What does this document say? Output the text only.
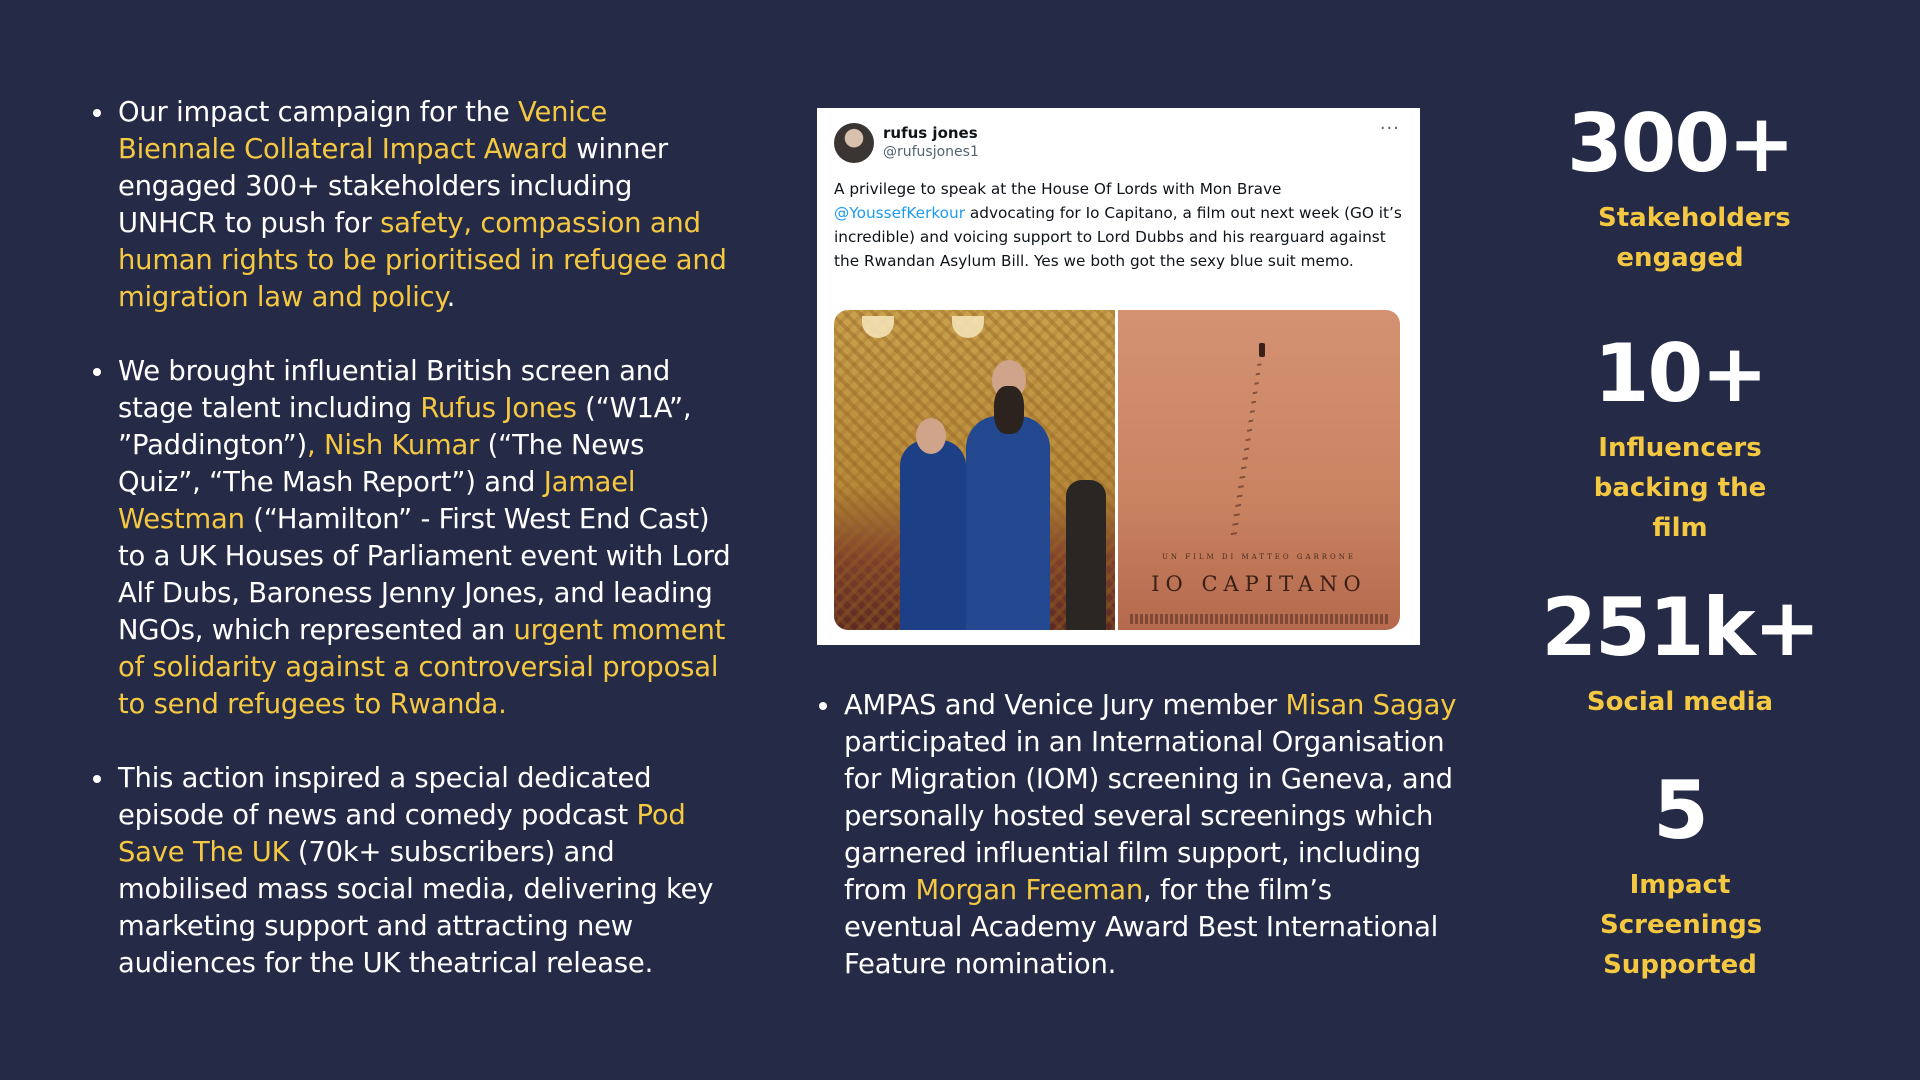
Our impact campaign for the Venice Biennale Collateral Impact Award winner engaged 300+ stakeholders including UNHCR to push for safety, compassion and human rights to be prioritised in refugee and migration law and policy.
We brought influential British screen and stage talent including Rufus Jones (“W1A”, ”Paddington”), Nish Kumar (“The News Quiz”, “The Mash Report”) and Jamael Westman (“Hamilton” - First West End Cast) to a UK Houses of Parliament event with Lord Alf Dubs, Baroness Jenny Jones, and leading NGOs, which represented an urgent moment of solidarity against a controversial proposal to send refugees to Rwanda.
This action inspired a special dedicated episode of news and comedy podcast Pod Save The UK (70k+ subscribers) and mobilised mass social media, delivering key marketing support and attracting new audiences for the UK theatrical release.
rufus jones
@rufusjones1
···

A privilege to speak at the House Of Lords with Mon Brave @YoussefKerkour advocating for Io Capitano, a film out next week (GO it’s incredible) and voicing support to Lord Dubbs and his rearguard against the Rwandan Asylum Bill. Yes we both got the sexy blue suit memo.

UN FILM DI MATTEO GARRONE
IO CAPITANO
AMPAS and Venice Jury member Misan Sagay participated in an International Organisation for Migration (IOM) screening in Geneva, and personally hosted several screenings which garnered influential film support, including from Morgan Freeman, for the film’s eventual Academy Award Best International Feature nomination.
300+
Stakeholders engaged
10+
Influencers backing the film
251k+
Social media
5
Impact Screenings Supported
